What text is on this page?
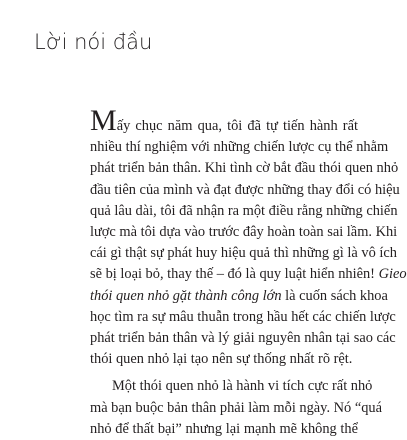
Lời nói đầu
Mấy chục năm qua, tôi đã tự tiến hành rất
nhiều thí nghiệm với những chiến lược cụ thể nhằm
phát triển bản thân. Khi tình cờ bắt đầu thói quen nhỏ
đầu tiên của mình và đạt được những thay đổi có hiệu
quả lâu dài, tôi đã nhận ra một điều rằng những chiến
lược mà tôi dựa vào trước đây hoàn toàn sai lầm. Khi
cái gì thật sự phát huy hiệu quả thì những gì là vô ích
sẽ bị loại bỏ, thay thế – đó là quy luật hiển nhiên! Gieo
thói quen nhỏ gặt thành công lớn là cuốn sách khoa
học tìm ra sự mâu thuẫn trong hầu hết các chiến lược
phát triển bản thân và lý giải nguyên nhân tại sao các
thói quen nhỏ lại tạo nên sự thống nhất rõ rệt.
Một thói quen nhỏ là hành vi tích cực rất nhỏ
mà bạn buộc bản thân phải làm mỗi ngày. Nó “quá
nhỏ để thất bại” nhưng lại mạnh mẽ không thể
